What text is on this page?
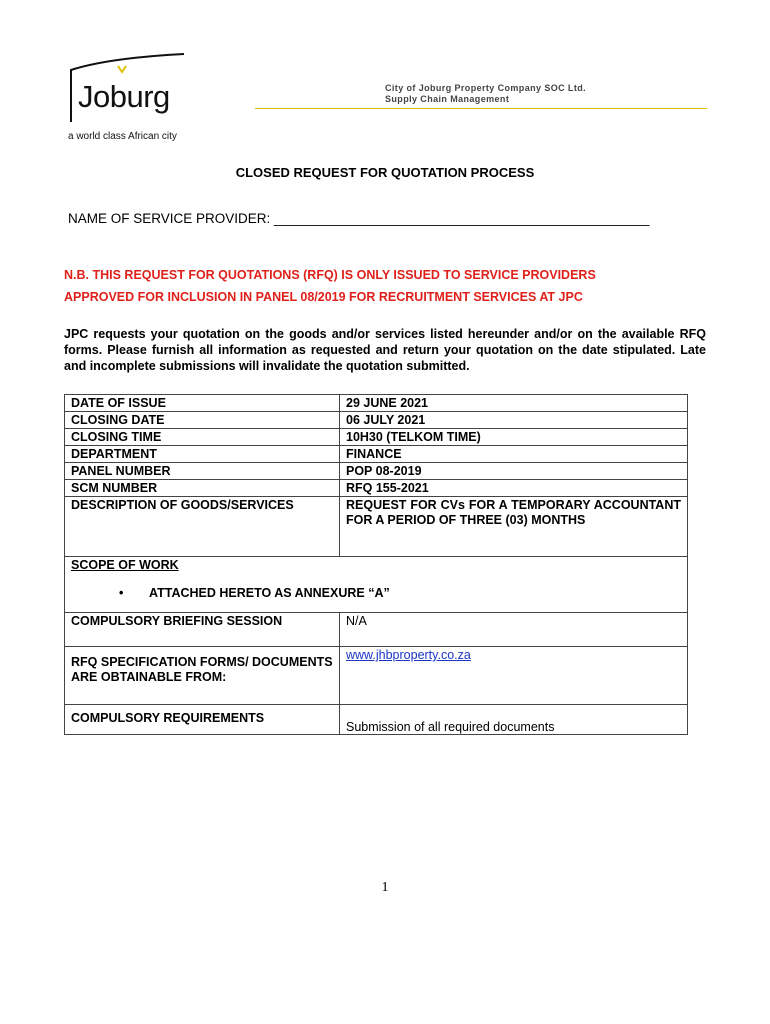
Joburg
a world class African city
City of Joburg Property Company SOC Ltd.
Supply Chain Management
CLOSED REQUEST FOR QUOTATION PROCESS
NAME OF SERVICE PROVIDER: __________________________________________________
N.B. THIS REQUEST FOR QUOTATIONS (RFQ) IS ONLY ISSUED TO SERVICE PROVIDERS
APPROVED FOR INCLUSION IN PANEL 08/2019 FOR RECRUITMENT SERVICES AT JPC
JPC requests your quotation on the goods and/or services listed hereunder and/or on the available RFQ forms. Please furnish all information as requested and return your quotation on the date stipulated. Late and incomplete submissions will invalidate the quotation submitted.
DATE OF ISSUE	29 JUNE 2021
CLOSING DATE	06 JULY 2021
CLOSING TIME	10H30 (TELKOM TIME)
DEPARTMENT	FINANCE
PANEL NUMBER	POP 08-2019
SCM NUMBER	RFQ 155-2021
DESCRIPTION OF GOODS/SERVICES	REQUEST FOR CVs FOR A TEMPORARY ACCOUNTANT FOR A PERIOD OF THREE (03) MONTHS

SCOPE OF WORK
• ATTACHED HERETO AS ANNEXURE “A”	

COMPULSORY BRIEFING SESSION	N/A
RFQ SPECIFICATION FORMS/ DOCUMENTS ARE OBTAINABLE FROM:	www.jhbproperty.co.za
COMPULSORY REQUIREMENTS	Submission of all required documents
1
